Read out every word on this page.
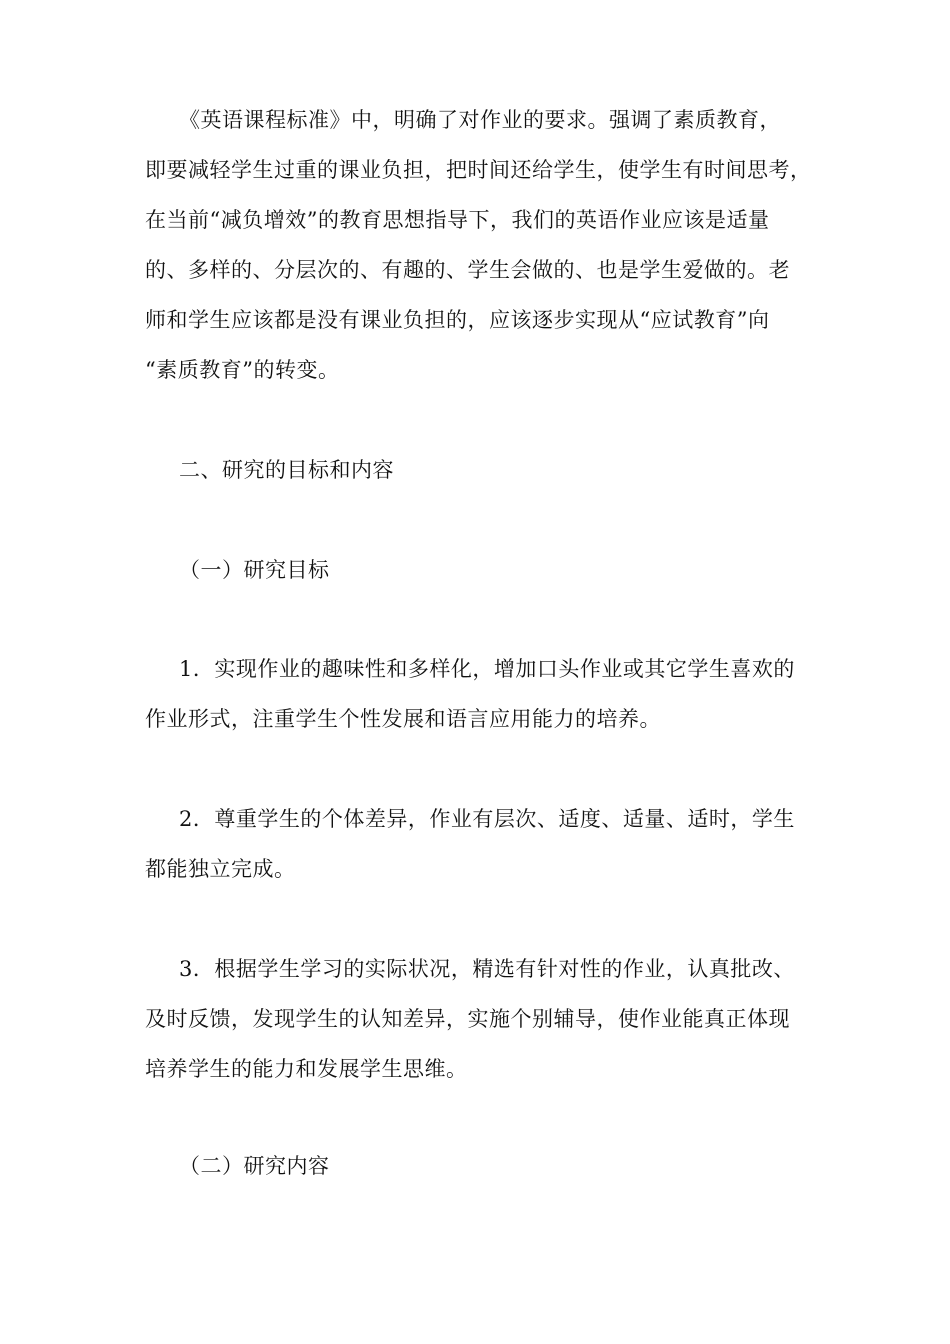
《英语课程标准》中，明确了对作业的要求。强调了素质教育，
即要减轻学生过重的课业负担，把时间还给学生，使学生有时间思考，
在当前“减负增效”的教育思想指导下，我们的英语作业应该是适量
的、多样的、分层次的、有趣的、学生会做的、也是学生爱做的。老
师和学生应该都是没有课业负担的，应该逐步实现从“应试教育”向
“素质教育”的转变。
二、研究的目标和内容
（一）研究目标
1．实现作业的趣味性和多样化，增加口头作业或其它学生喜欢的
作业形式，注重学生个性发展和语言应用能力的培养。
2．尊重学生的个体差异，作业有层次、适度、适量、适时，学生
都能独立完成。
3．根据学生学习的实际状况，精选有针对性的作业，认真批改、
及时反馈，发现学生的认知差异，实施个别辅导，使作业能真正体现
培养学生的能力和发展学生思维。
（二）研究内容
